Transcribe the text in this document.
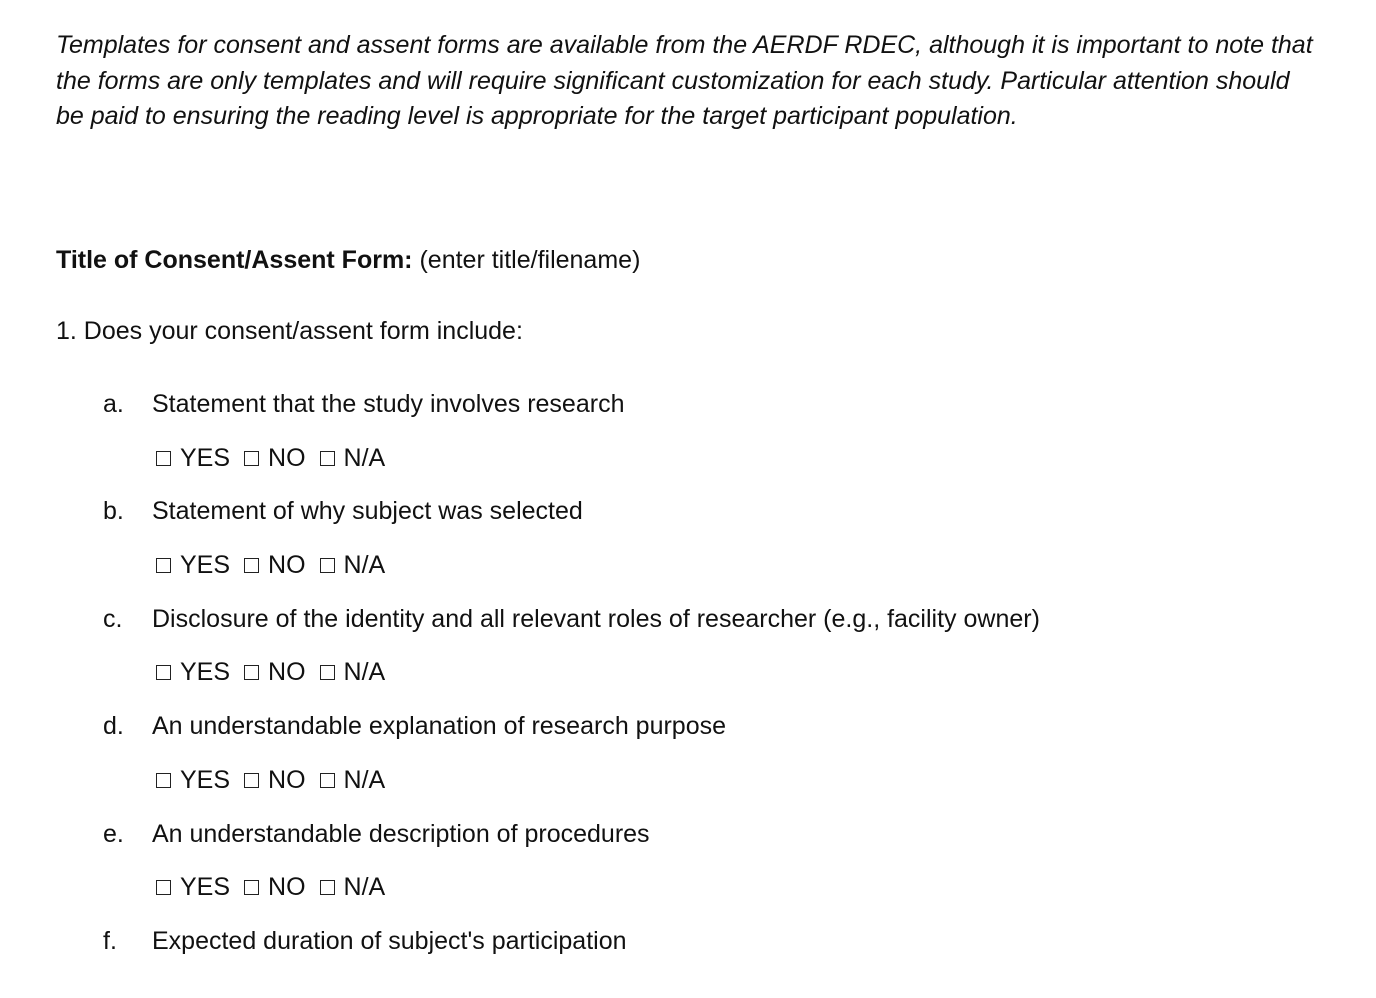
Templates for consent and assent forms are available from the AERDF RDEC, although it is important to note that the forms are only templates and will require significant customization for each study. Particular attention should be paid to ensuring the reading level is appropriate for the target participant population.

Title of Consent/Assent Form: (enter title/filename)

1. Does your consent/assent form include:

a. Statement that the study involves research
YES NO N/A
b. Statement of why subject was selected
YES NO N/A
c. Disclosure of the identity and all relevant roles of researcher (e.g., facility owner)
YES NO N/A
d. An understandable explanation of research purpose
YES NO N/A
e. An understandable description of procedures
YES NO N/A
f. Expected duration of subject's participation
